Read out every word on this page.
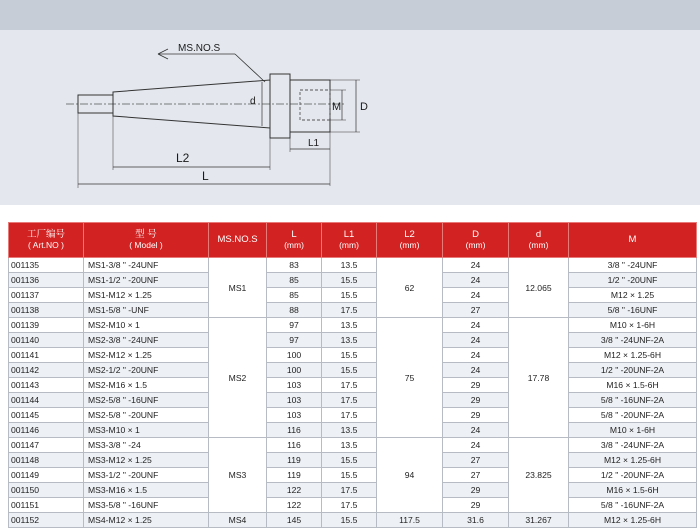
MS.NO.S
d	M D
L1
L2
L
工厂编号
( Art.NO )	型 号
( Model )	MS.NO.S	L
(mm)	L1
(mm)	L2
(mm)	D
(mm)	d
(mm)	M
001135	MS1-3/8 " -24UNF	MS1	83	13.5	62	24	12.065	3/8 " -24UNF
001136	MS1-1/2 " -20UNF		85	15.5		24		1/2 " -20UNF
001137	MS1-M12 × 1.25		85	15.5		24		M12 × 1.25
001138	MS1-5/8 " -UNF		88	17.5		27		5/8 " -16UNF
001139	MS2-M10 × 1	MS2	97	13.5	75	24	17.78	M10 × 1-6H
001140	MS2-3/8 " -24UNF		97	13.5		24		3/8 " -24UNF-2A
001141	MS2-M12 × 1.25		100	15.5		24		M12 × 1.25-6H
001142	MS2-1/2 " -20UNF		100	15.5		24		1/2 " -20UNF-2A
001143	MS2-M16 × 1.5		103	17.5		29		M16 × 1.5-6H
001144	MS2-5/8 " -16UNF		103	17.5		29		5/8 " -16UNF-2A
001145	MS2-5/8 " -20UNF		103	17.5		29		5/8 " -20UNF-2A
001146	MS3-M10 × 1		116	13.5		24		M10 × 1-6H
001147	MS3-3/8 " -24	MS3	116	13.5	94	24	23.825	3/8 " -24UNF-2A
001148	MS3-M12 × 1.25		119	15.5		27		M12 × 1.25-6H
001149	MS3-1/2 " -20UNF		119	15.5		27		1/2 " -20UNF-2A
001150	MS3-M16 × 1.5		122	17.5		29		M16 × 1.5-6H
001151	MS3-5/8 " -16UNF		122	17.5		29		5/8 " -16UNF-2A
001152	MS4-M12 × 1.25	MS4	145	15.5	117.5	31.6	31.267	M12 × 1.25-6H
